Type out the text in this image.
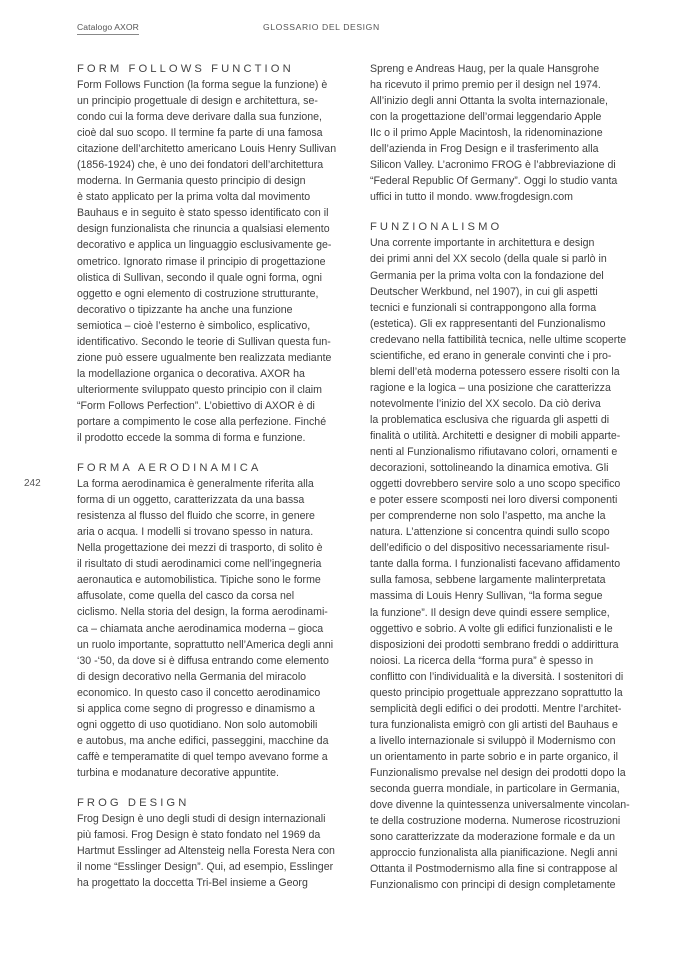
Catalogo AXOR	GLOSSARIO DEL DESIGN
242
FORM FOLLOWS FUNCTION
Form Follows Function (la forma segue la funzione) è
un principio progettuale di design e architettura, se-
condo cui la forma deve derivare dalla sua funzione,
cioè dal suo scopo. Il termine fa parte di una famosa
citazione dell’architetto americano Louis Henry Sullivan
(1856-1924) che, è uno dei fondatori dell’architettura
moderna. In Germania questo principio di design
è stato applicato per la prima volta dal movimento
Bauhaus e in seguito è stato spesso identificato con il
design funzionalista che rinuncia a qualsiasi elemento
decorativo e applica un linguaggio esclusivamente ge-
ometrico. Ignorato rimase il principio di progettazione
olistica di Sullivan, secondo il quale ogni forma, ogni
oggetto e ogni elemento di costruzione strutturante,
decorativo o tipizzante ha anche una funzione
semiotica – cioè l’esterno è simbolico, esplicativo,
identificativo. Secondo le teorie di Sullivan questa fun-
zione può essere ugualmente ben realizzata mediante
la modellazione organica o decorativa. AXOR ha
ulteriormente sviluppato questo principio con il claim
“Form Follows Perfection”. L’obiettivo di AXOR è di
portare a compimento le cose alla perfezione. Finché
il prodotto eccede la somma di forma e funzione.
FORMA AERODINAMICA
La forma aerodinamica è generalmente riferita alla
forma di un oggetto, caratterizzata da una bassa
resistenza al flusso del fluido che scorre, in genere
aria o acqua. I modelli si trovano spesso in natura.
Nella progettazione dei mezzi di trasporto, di solito è
il risultato di studi aerodinamici come nell’ingegneria
aeronautica e automobilistica. Tipiche sono le forme
affusolate, come quella del casco da corsa nel
ciclismo. Nella storia del design, la forma aerodinami-
ca – chiamata anche aerodinamica moderna – gioca
un ruolo importante, soprattutto nell’America degli anni
‘30 -‘50, da dove si è diffusa entrando come elemento
di design decorativo nella Germania del miracolo
economico. In questo caso il concetto aerodinamico
si applica come segno di progresso e dinamismo a
ogni oggetto di uso quotidiano. Non solo automobili
e autobus, ma anche edifici, passeggini, macchine da
caffè e temperamatite di quel tempo avevano forme a
turbina e modanature decorative appuntite.
FROG DESIGN
Frog Design è uno degli studi di design internazionali
più famosi. Frog Design è stato fondato nel 1969 da
Hartmut Esslinger ad Altensteig nella Foresta Nera con
il nome “Esslinger Design”. Qui, ad esempio, Esslinger
ha progettato la doccetta Tri-Bel insieme a Georg
Spreng e Andreas Haug, per la quale Hansgrohe
ha ricevuto il primo premio per il design nel 1974.
All’inizio degli anni Ottanta la svolta internazionale,
con la progettazione dell’ormai leggendario Apple
IIc o il primo Apple Macintosh, la ridenominazione
dell’azienda in Frog Design e il trasferimento alla
Silicon Valley. L’acronimo FROG è l’abbreviazione di
“Federal Republic Of Germany”. Oggi lo studio vanta
uffici in tutto il mondo. www.frogdesign.com
FUNZIONALISMO
Una corrente importante in architettura e design
dei primi anni del XX secolo (della quale si parlò in
Germania per la prima volta con la fondazione del
Deutscher Werkbund, nel 1907), in cui gli aspetti
tecnici e funzionali si contrappongono alla forma
(estetica). Gli ex rappresentanti del Funzionalismo
credevano nella fattibilità tecnica, nelle ultime scoperte
scientifiche, ed erano in generale convinti che i pro-
blemi dell’età moderna potessero essere risolti con la
ragione e la logica – una posizione che caratterizza
notevolmente l’inizio del XX secolo. Da ciò deriva
la problematica esclusiva che riguarda gli aspetti di
finalità o utilità. Architetti e designer di mobili apparte-
nenti al Funzionalismo rifiutavano colori, ornamenti e
decorazioni, sottolineando la dinamica emotiva. Gli
oggetti dovrebbero servire solo a uno scopo specifico
e poter essere scomposti nei loro diversi componenti
per comprenderne non solo l’aspetto, ma anche la
natura. L’attenzione si concentra quindi sullo scopo
dell’edificio o del dispositivo necessariamente risul-
tante dalla forma. I funzionalisti facevano affidamento
sulla famosa, sebbene largamente malinterpretata
massima di Louis Henry Sullivan, “la forma segue
la funzione”. Il design deve quindi essere semplice,
oggettivo e sobrio. A volte gli edifici funzionalisti e le
disposizioni dei prodotti sembrano freddi o addirittura
noiosi. La ricerca della “forma pura” è spesso in
conflitto con l’individualità e la diversità. I sostenitori di
questo principio progettuale apprezzano soprattutto la
semplicità degli edifici o dei prodotti. Mentre l’architet-
tura funzionalista emigrò con gli artisti del Bauhaus e
a livello internazionale si sviluppò il Modernismo con
un orientamento in parte sobrio e in parte organico, il
Funzionalismo prevalse nel design dei prodotti dopo la
seconda guerra mondiale, in particolare in Germania,
dove divenne la quintessenza universalmente vincolan-
te della costruzione moderna. Numerose ricostruzioni
sono caratterizzate da moderazione formale e da un
approccio funzionalista alla pianificazione. Negli anni
Ottanta il Postmodernismo alla fine si contrappose al
Funzionalismo con principi di design completamente
